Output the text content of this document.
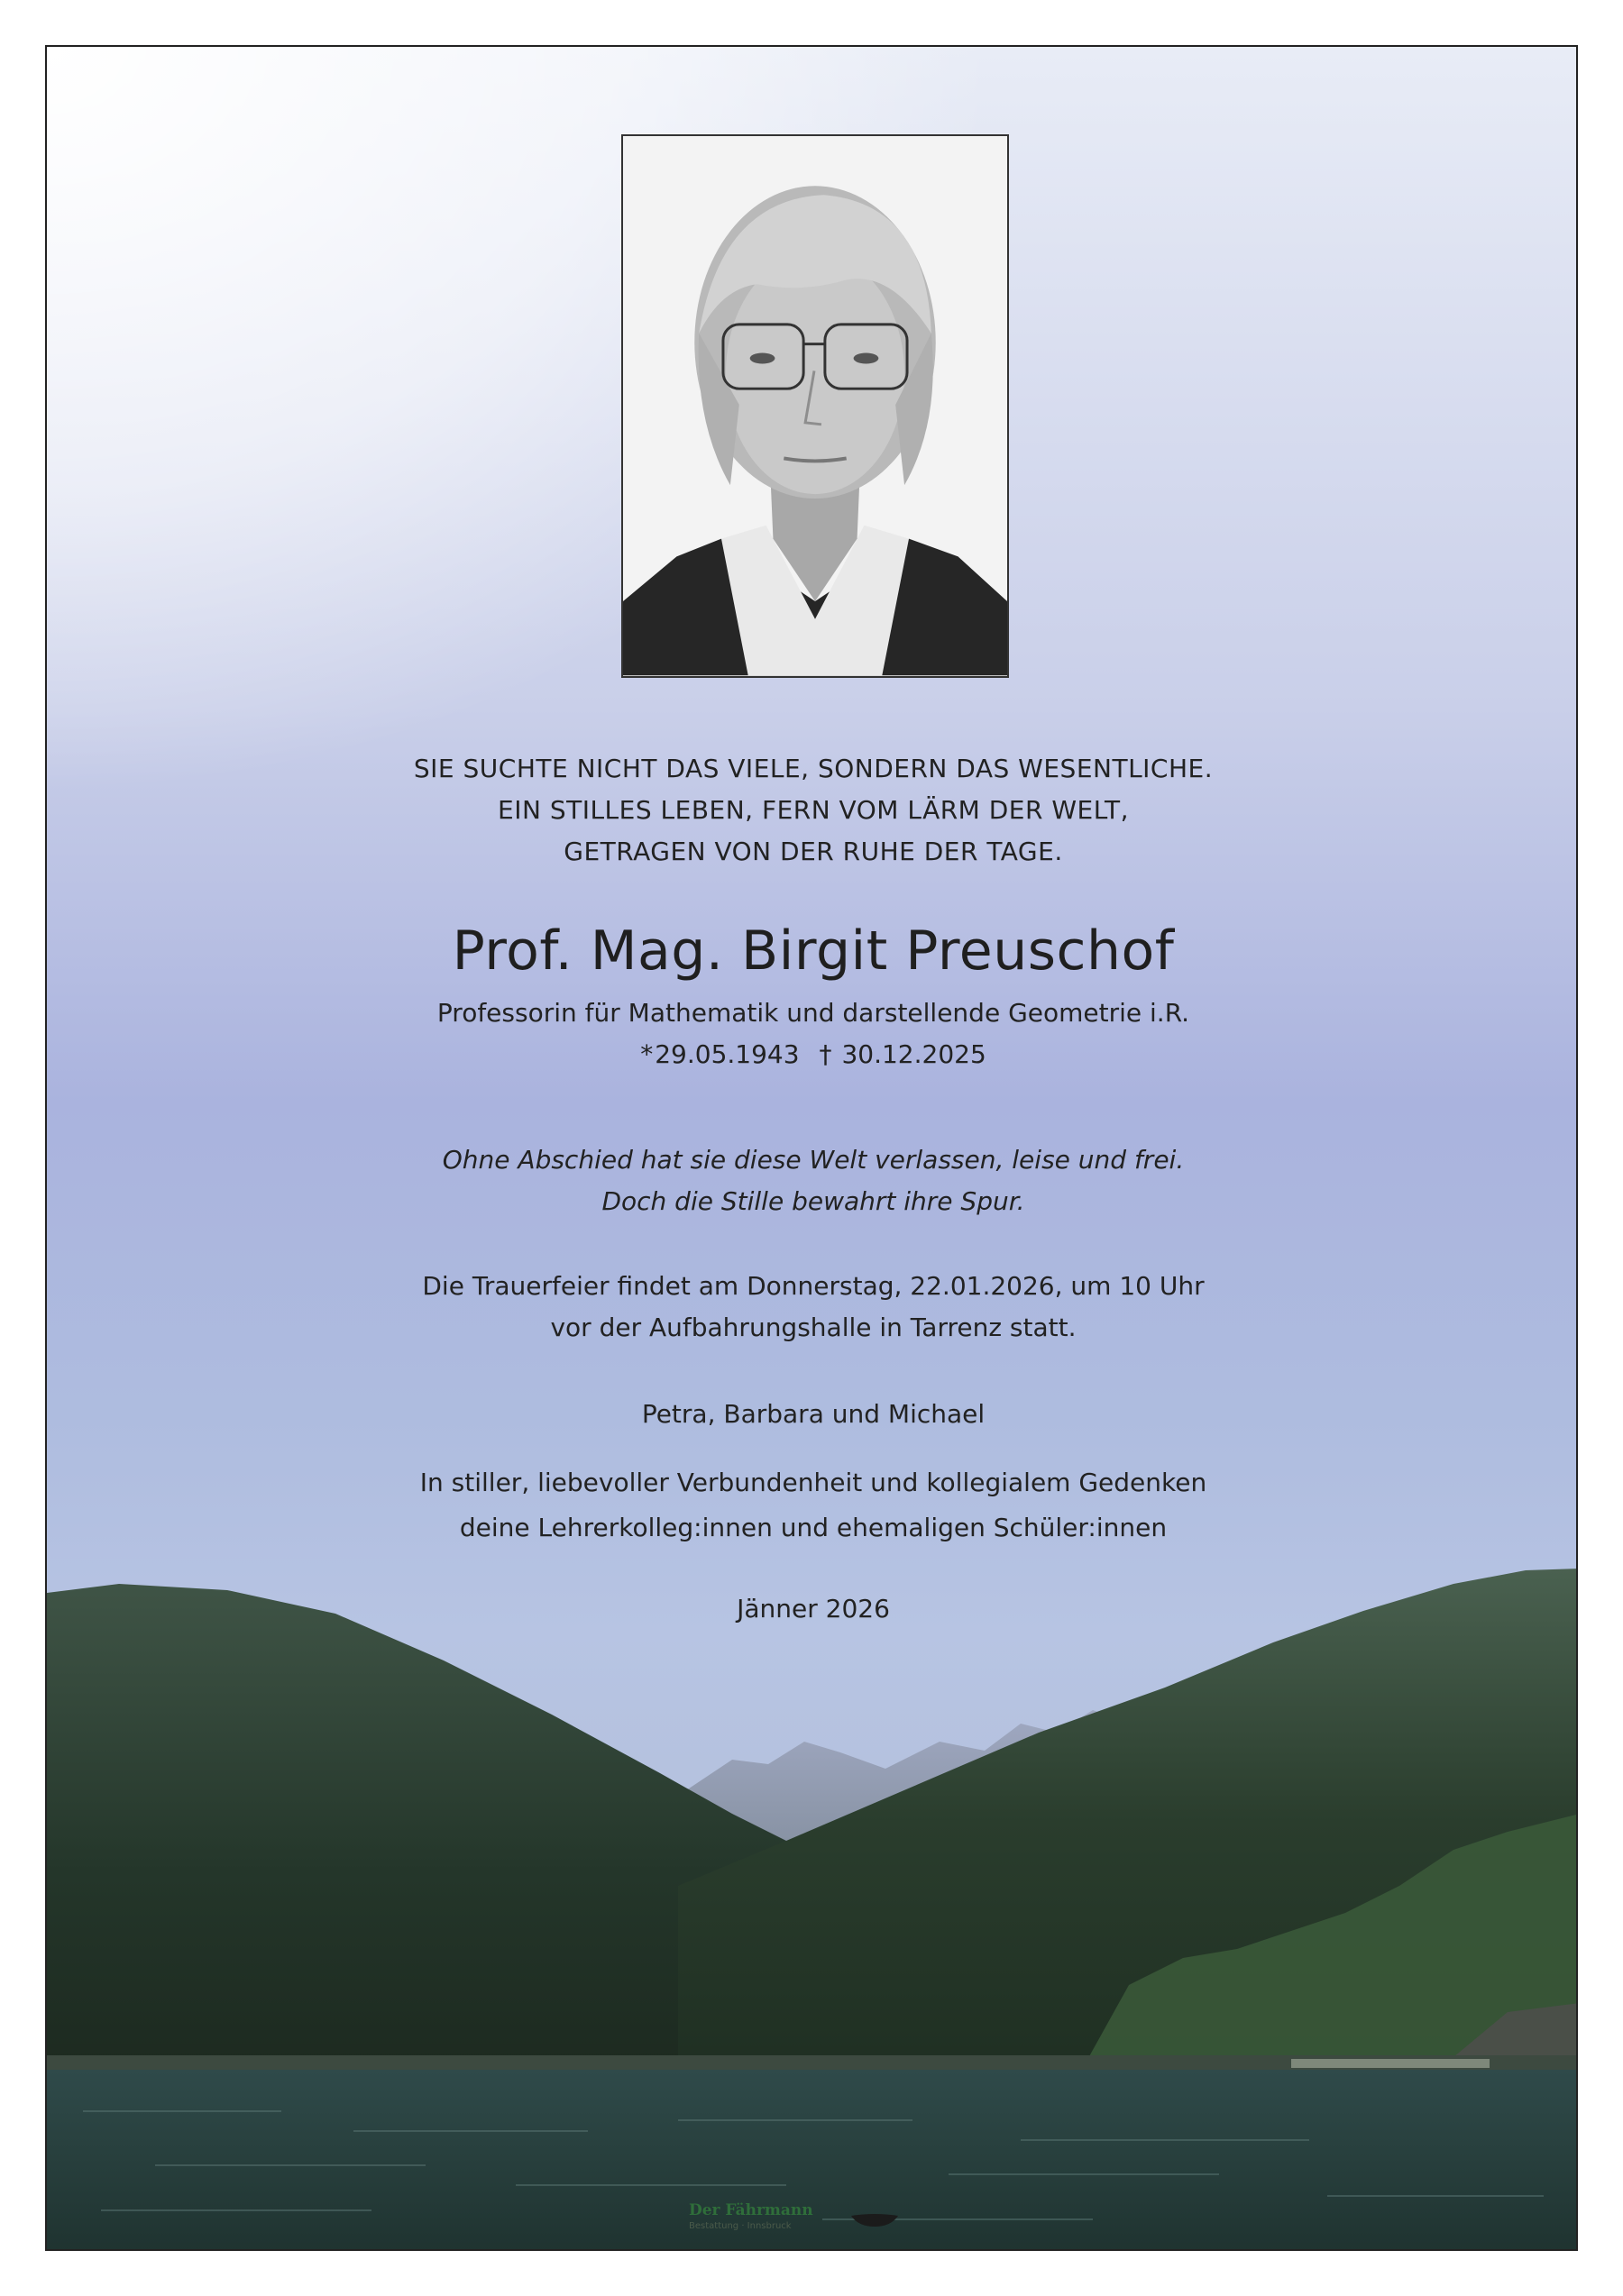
SIE SUCHTE NICHT DAS VIELE, SONDERN DAS WESENTLICHE.
EIN STILLES LEBEN, FERN VOM LÄRM DER WELT,
GETRAGEN VON DER RUHE DER TAGE.
Prof. Mag. Birgit Preuschof
Professorin für Mathematik und darstellende Geometrie i.R.
*29.05.1943 † 30.12.2025
Ohne Abschied hat sie diese Welt verlassen, leise und frei.
Doch die Stille bewahrt ihre Spur.
Die Trauerfeier findet am Donnerstag, 22.01.2026, um 10 Uhr
vor der Aufbahrungshalle in Tarrenz statt.
Petra, Barbara und Michael
In stiller, liebevoller Verbundenheit und kollegialem Gedenken
deine Lehrerkolleg:innen und ehemaligen Schüler:innen
Jänner 2026
Der Fährmann
Bestattung · Innsbruck
